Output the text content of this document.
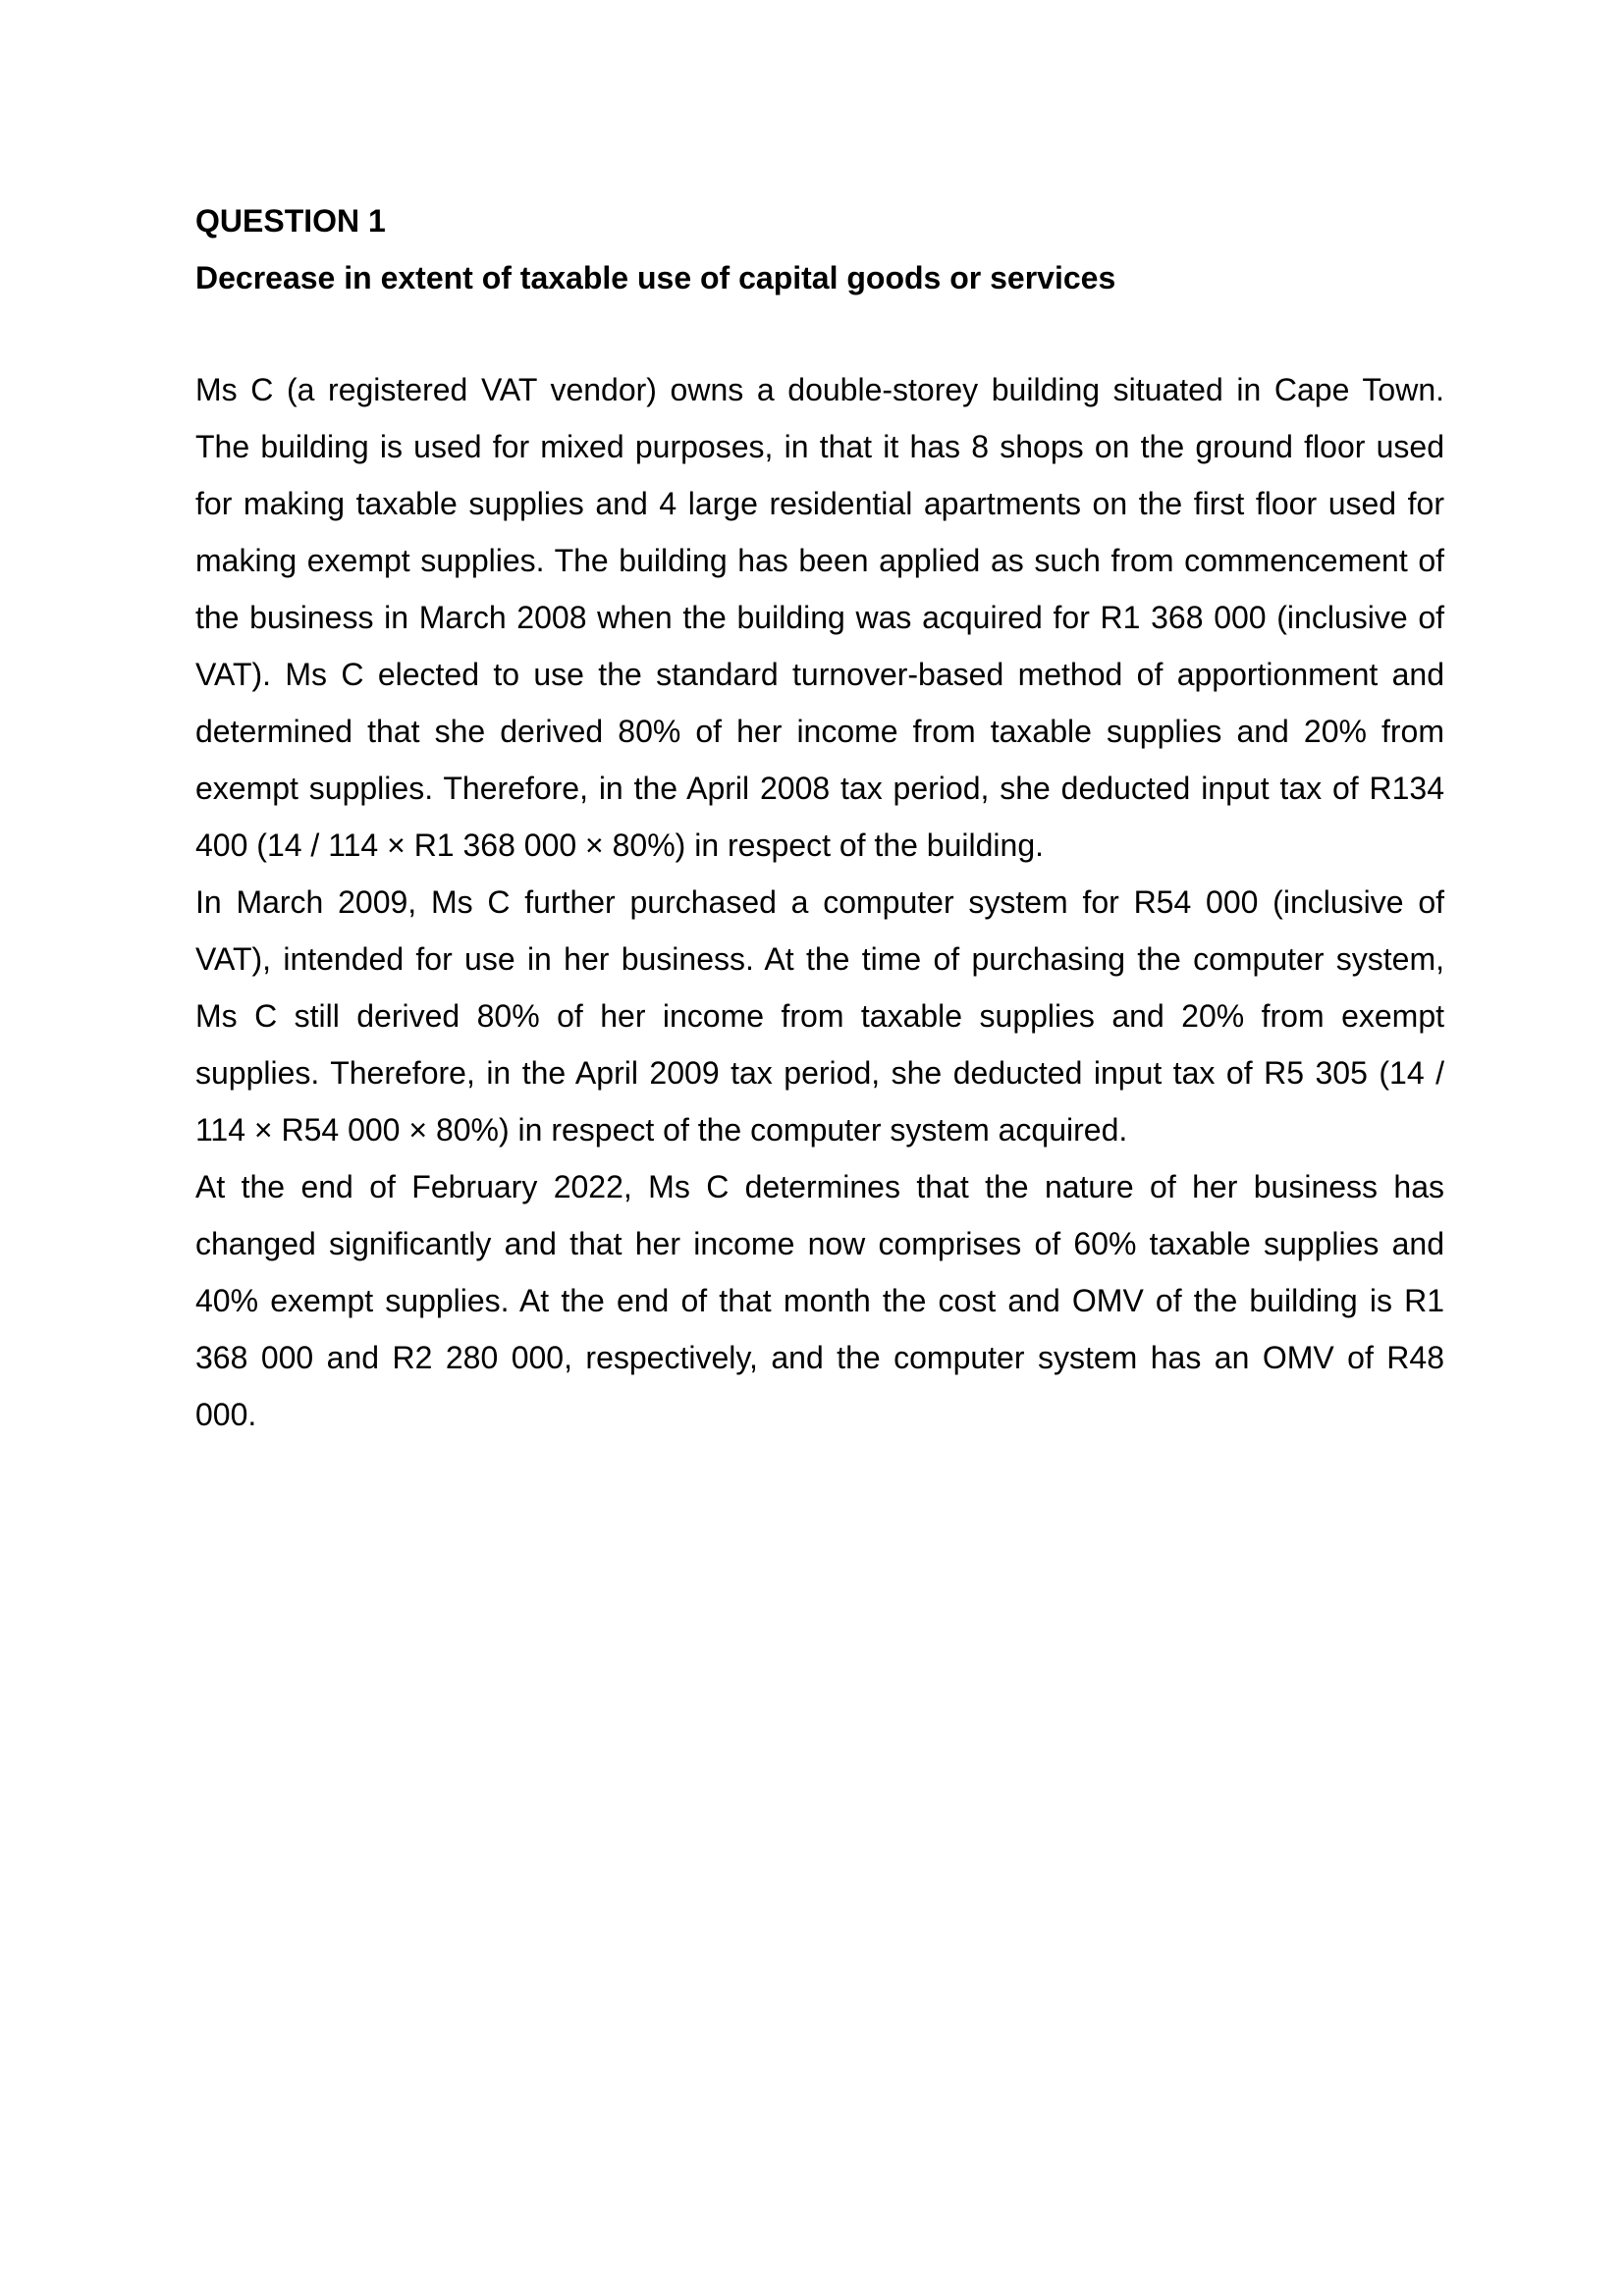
QUESTION 1

Decrease in extent of taxable use of capital goods or services

Ms C (a registered VAT vendor) owns a double-storey building situated in Cape Town. The building is used for mixed purposes, in that it has 8 shops on the ground floor used for making taxable supplies and 4 large residential apartments on the first floor used for making exempt supplies. The building has been applied as such from commencement of the business in March 2008 when the building was acquired for R1 368 000 (inclusive of VAT). Ms C elected to use the standard turnover-based method of apportionment and determined that she derived 80% of her income from taxable supplies and 20% from exempt supplies. Therefore, in the April 2008 tax period, she deducted input tax of R134 400 (14 / 114 × R1 368 000 × 80%) in respect of the building.

In March 2009, Ms C further purchased a computer system for R54 000 (inclusive of VAT), intended for use in her business. At the time of purchasing the computer system, Ms C still derived 80% of her income from taxable supplies and 20% from exempt supplies. Therefore, in the April 2009 tax period, she deducted input tax of R5 305 (14 / 114 × R54 000 × 80%) in respect of the computer system acquired.

At the end of February 2022, Ms C determines that the nature of her business has changed significantly and that her income now comprises of 60% taxable supplies and 40% exempt supplies. At the end of that month the cost and OMV of the building is R1 368 000 and R2 280 000, respectively, and the computer system has an OMV of R48 000.
